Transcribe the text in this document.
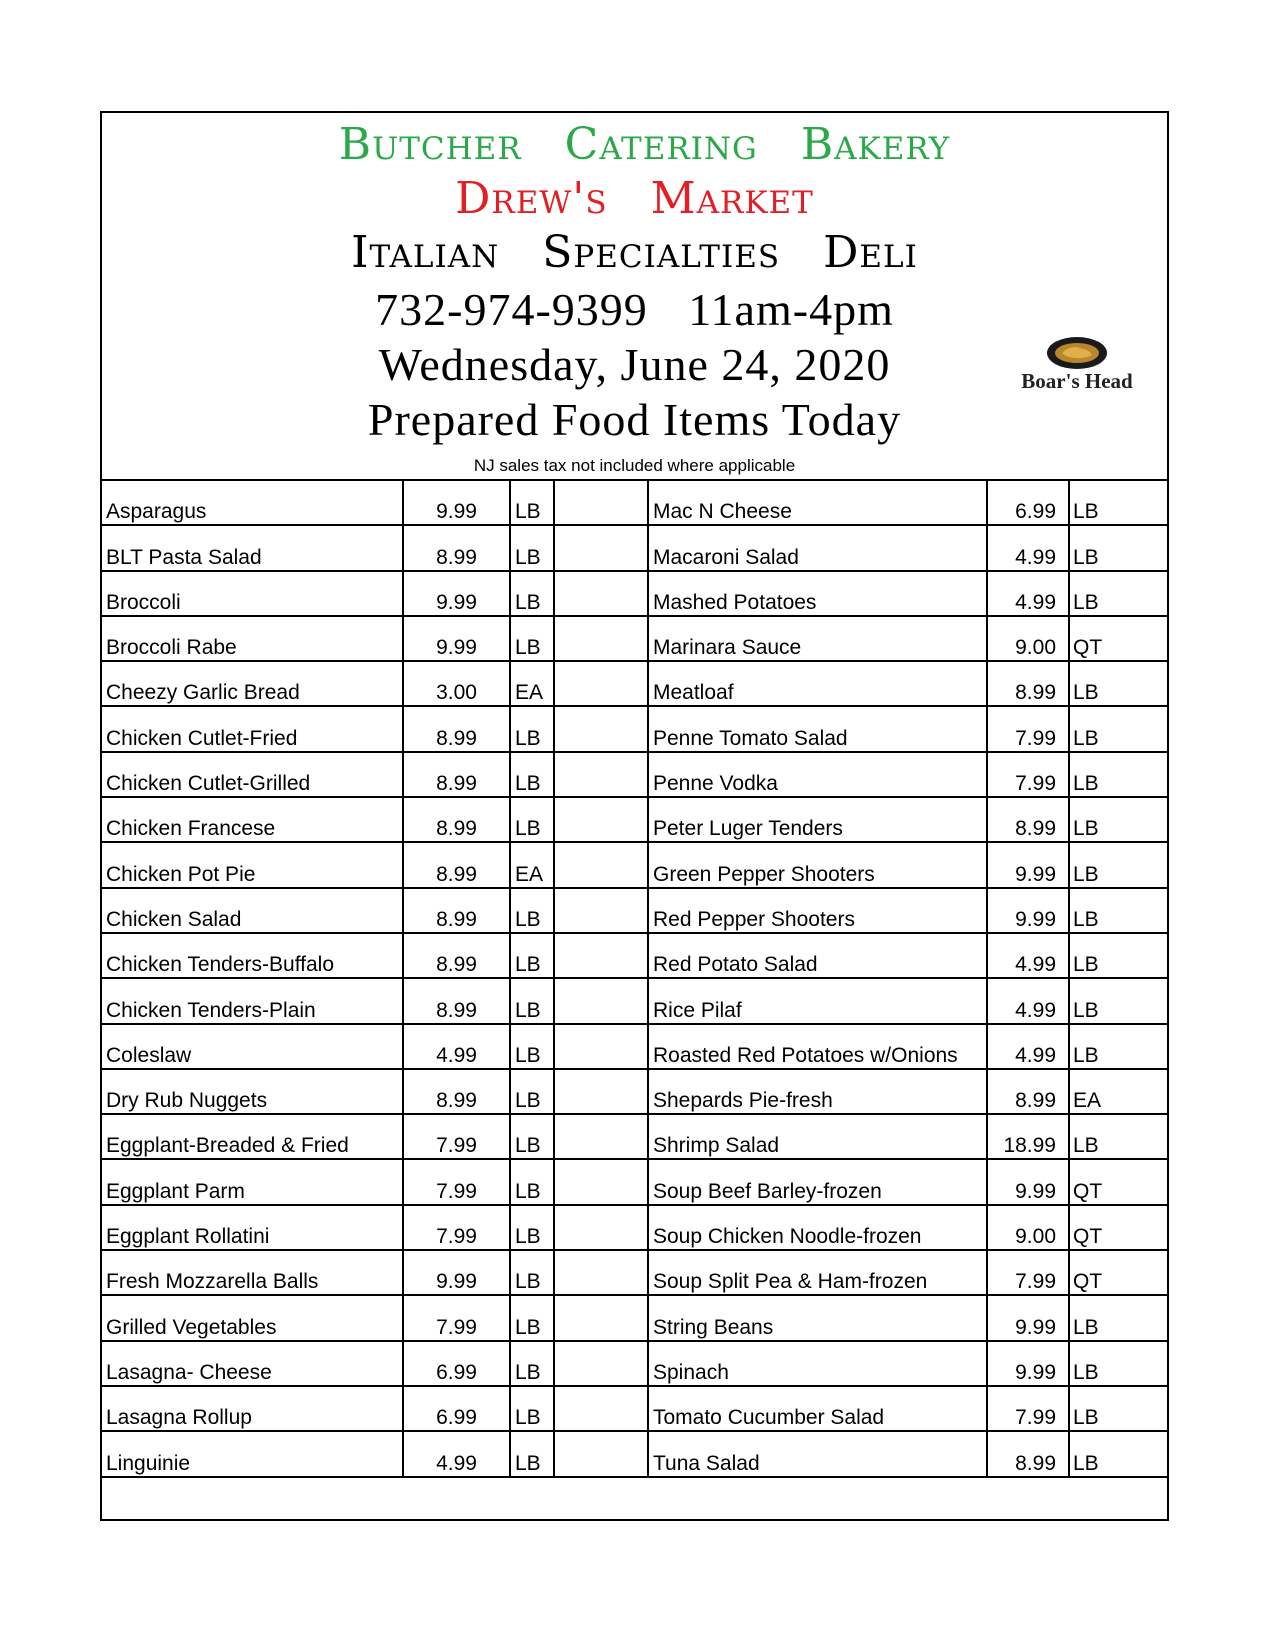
Butcher Catering Bakery
Drew's Market
Italian Specialties Deli
732-974-9399 11am-4pm
Wednesday, June 24, 2020
Prepared Food Items Today
NJ sales tax not included where applicable
Boar's Head
Asparagus	9.99	LB		Mac N Cheese	6.99	LB
BLT Pasta Salad	8.99	LB		Macaroni Salad	4.99	LB
Broccoli	9.99	LB		Mashed Potatoes	4.99	LB
Broccoli Rabe	9.99	LB		Marinara Sauce	9.00	QT
Cheezy Garlic Bread	3.00	EA		Meatloaf	8.99	LB
Chicken Cutlet-Fried	8.99	LB		Penne Tomato Salad	7.99	LB
Chicken Cutlet-Grilled	8.99	LB		Penne Vodka	7.99	LB
Chicken Francese	8.99	LB		Peter Luger Tenders	8.99	LB
Chicken Pot Pie	8.99	EA		Green Pepper Shooters	9.99	LB
Chicken Salad	8.99	LB		Red Pepper Shooters	9.99	LB
Chicken Tenders-Buffalo	8.99	LB		Red Potato Salad	4.99	LB
Chicken Tenders-Plain	8.99	LB		Rice Pilaf	4.99	LB
Coleslaw	4.99	LB		Roasted Red Potatoes w/Onions	4.99	LB
Dry Rub Nuggets	8.99	LB		Shepards Pie-fresh	8.99	EA
Eggplant-Breaded & Fried	7.99	LB		Shrimp Salad	18.99	LB
Eggplant Parm	7.99	LB		Soup Beef Barley-frozen	9.99	QT
Eggplant Rollatini	7.99	LB		Soup Chicken Noodle-frozen	9.00	QT
Fresh Mozzarella Balls	9.99	LB		Soup Split Pea & Ham-frozen	7.99	QT
Grilled Vegetables	7.99	LB		String Beans	9.99	LB
Lasagna- Cheese	6.99	LB		Spinach	9.99	LB
Lasagna Rollup	6.99	LB		Tomato Cucumber Salad	7.99	LB
Linguinie	4.99	LB		Tuna Salad	8.99	LB
